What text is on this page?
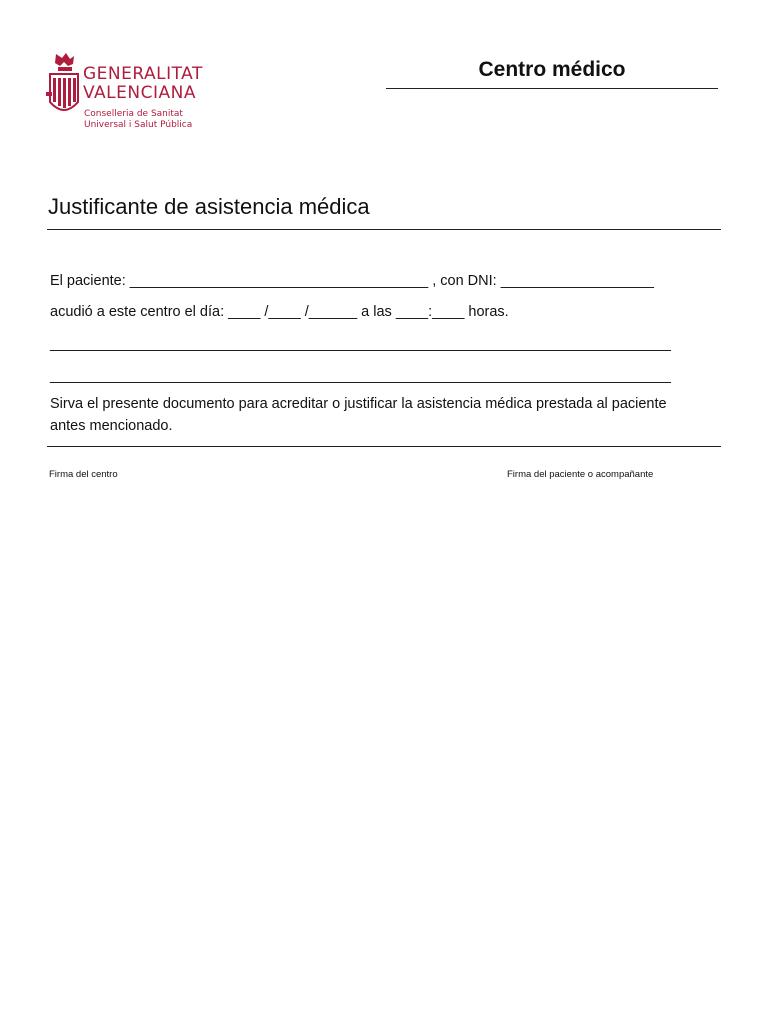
GENERALITAT
VALENCIANA
Conselleria de Sanitat
Universal i Salut Pública
Centro médico
Justificante de asistencia médica
El paciente: _____________________________________ , con DNI: ___________________
acudió a este centro el día: ____ /____ /______ a las ____:____ horas.
_____________________________________________________________________________
_____________________________________________________________________________
Sirva el presente documento para acreditar o justificar la asistencia médica prestada al paciente antes mencionado.
Firma del centro	Firma del paciente o acompañante
